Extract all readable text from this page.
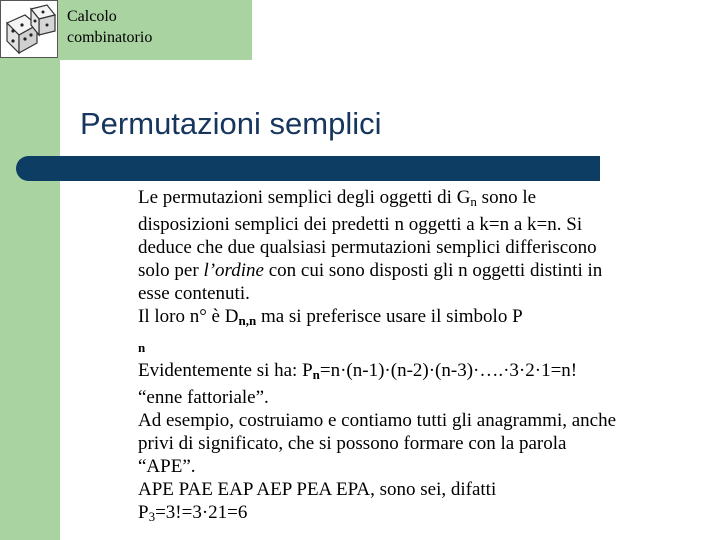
Calcolo
combinatorio
Permutazioni semplici

Le permutazioni semplici degli oggetti di Gn sono le disposizioni semplici dei predetti n oggetti a k=n a k=n. Si deduce che due qualsiasi permutazioni semplici differiscono solo per l’ordine con cui sono disposti gli n oggetti distinti in esse contenuti.

Il loro n° è $D_{n,n}$ ma si preferisce usare il simbolo P
$_n$

Evidentemente si ha: $P_n=n\cdot(n-1)\cdot(n-2)\cdot(n-3)\cdot\dots.\cdot 3\cdot 2\cdot 1=n$! “enne fattoriale”.

Ad esempio, costruiamo e contiamo tutti gli anagrammi, anche privi di significato, che si possono formare con la parola “APE”.

APE PAE EAP AEP PEA EPA, sono sei, difatti

P3=3!=3·21=6
